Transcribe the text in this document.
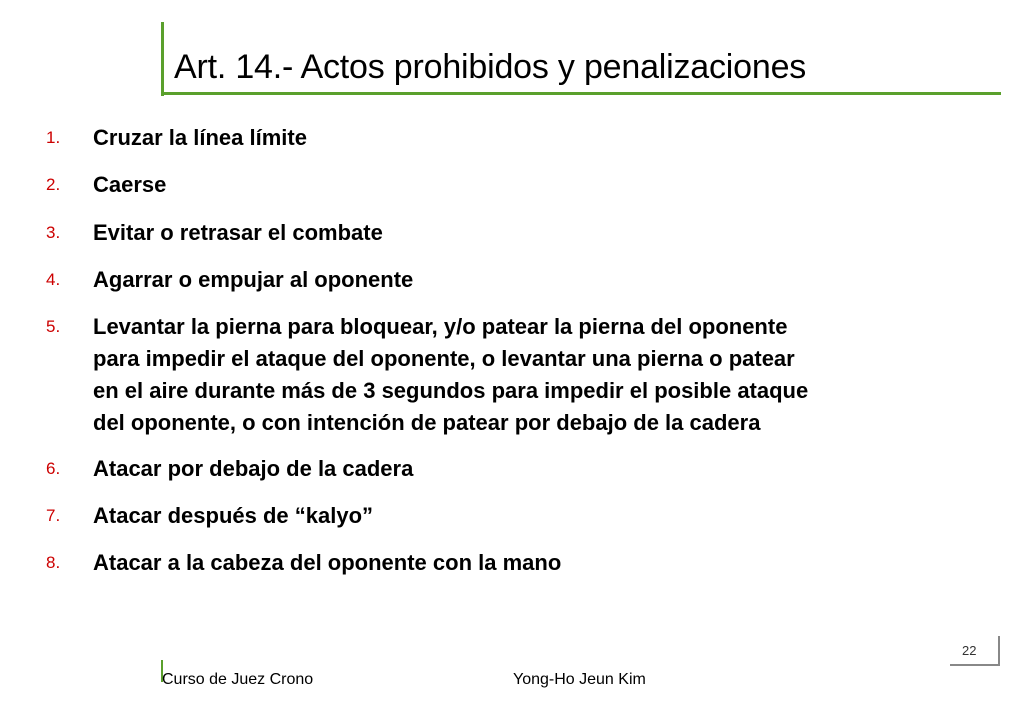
Art. 14.- Actos prohibidos y penalizaciones
1. Cruzar la línea límite
2. Caerse
3. Evitar o retrasar el combate
4. Agarrar o empujar al oponente
5. Levantar la pierna para bloquear, y/o patear la pierna del oponente
para impedir el ataque del oponente, o levantar una pierna o patear
en el aire durante más de 3 segundos para impedir el posible ataque
del oponente, o con intención de patear por debajo de la cadera
6. Atacar por debajo de la cadera
7. Atacar después de “kalyo”
8. Atacar a la cabeza del oponente con la mano
22
Curso de Juez Crono	Yong-Ho Jeun Kim
